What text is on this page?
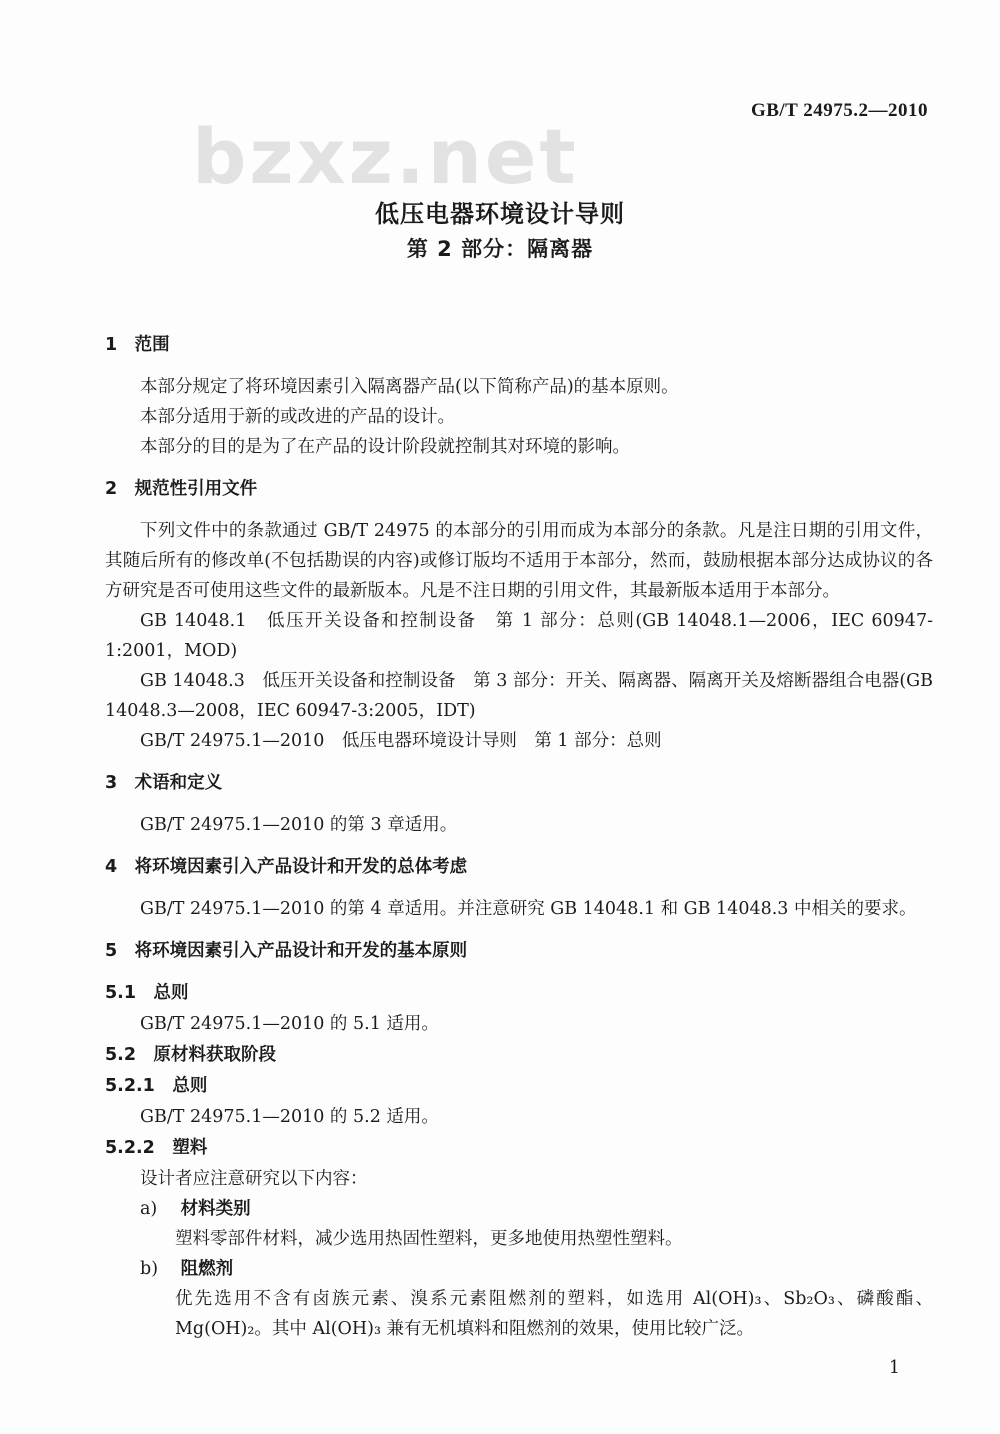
GB/T 24975.2—2010
bzxz.net
低压电器环境设计导则
第 2 部分：隔离器

1　范围

本部分规定了将环境因素引入隔离器产品(以下简称产品)的基本原则。

本部分适用于新的或改进的产品的设计。

本部分的目的是为了在产品的设计阶段就控制其对环境的影响。

2　规范性引用文件

下列文件中的条款通过 GB/T 24975 的本部分的引用而成为本部分的条款。凡是注日期的引用文件，其随后所有的修改单(不包括勘误的内容)或修订版均不适用于本部分，然而，鼓励根据本部分达成协议的各方研究是否可使用这些文件的最新版本。凡是不注日期的引用文件，其最新版本适用于本部分。

GB 14048.1　低压开关设备和控制设备　第 1 部分：总则(GB 14048.1—2006，IEC 60947-1:2001，MOD)

GB 14048.3　低压开关设备和控制设备　第 3 部分：开关、隔离器、隔离开关及熔断器组合电器(GB 14048.3—2008，IEC 60947-3:2005，IDT)

GB/T 24975.1—2010　低压电器环境设计导则　第 1 部分：总则

3　术语和定义

GB/T 24975.1—2010 的第 3 章适用。

4　将环境因素引入产品设计和开发的总体考虑

GB/T 24975.1—2010 的第 4 章适用。并注意研究 GB 14048.1 和 GB 14048.3 中相关的要求。

5　将环境因素引入产品设计和开发的基本原则

5.1　总则

GB/T 24975.1—2010 的 5.1 适用。

5.2　原材料获取阶段

5.2.1　总则

GB/T 24975.1—2010 的 5.2 适用。

5.2.2　塑料

设计者应注意研究以下内容：

a) 材料类别

塑料零部件材料，减少选用热固性塑料，更多地使用热塑性塑料。

b) 阻燃剂

优先选用不含有卤族元素、溴系元素阻燃剂的塑料，如选用 Al(OH)₃、Sb₂O₃、磷酸酯、Mg(OH)₂。其中 Al(OH)₃ 兼有无机填料和阻燃剂的效果，使用比较广泛。

1
